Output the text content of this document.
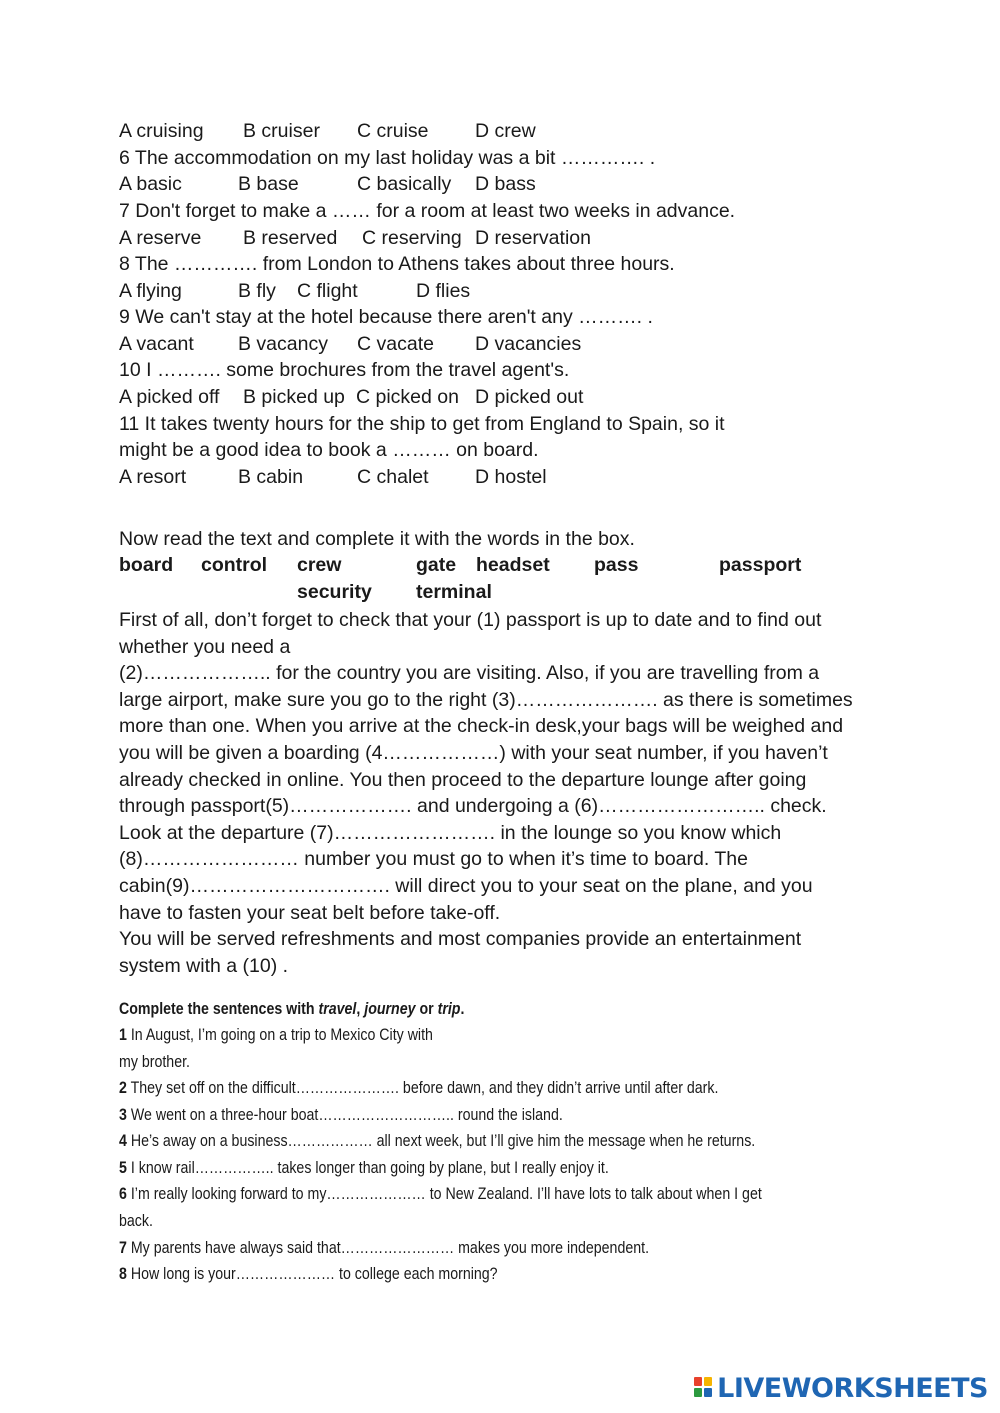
A cruising B cruiser C cruise D crew
6 The accommodation on my last holiday was a bit …………. .
A basic	B base	C basically D bass
7 Don't forget to make a …… for a room at least two weeks in advance.
A reserve B reserved C reserving D reservation
8 The …………. from London to Athens takes about three hours.
A flying	B fly C flight	D flies
9 We can't stay at the hotel because there aren't any ………. .
A vacant B vacancy C vacate D vacancies
10 I ………. some brochures from the travel agent's.
A picked off B picked up C picked on D picked out
11 It takes twenty hours for the ship to get from England to Spain, so it
might be a good idea to book a ……… on board.
A resort	B cabin	C chalet D hostel
Now read the text and complete it with the words in the box.
board control crew	gate headset pass	passport
security terminal
First of all, don’t forget to check that your (1) passport is up to date and to find out
whether you need a
(2)……………….. for the country you are visiting. Also, if you are travelling from a
large airport, make sure you go to the right (3)…………………. as there is sometimes
more than one. When you arrive at the check-in desk,your bags will be weighed and
you will be given a boarding (4………………) with your seat number, if you haven’t
already checked in online. You then proceed to the departure lounge after going
through passport(5)………………. and undergoing a (6)…………………….. check.
Look at the departure (7)……………………. in the lounge so you know which
(8)…………………… number you must go to when it’s time to board. The
cabin(9)…………………………. will direct you to your seat on the plane, and you
have to fasten your seat belt before take-off.
You will be served refreshments and most companies provide an entertainment
system with a (10) .
Complete the sentences with travel, journey or trip.
1 In August, I’m going on a trip to Mexico City with
my brother.
2 They set off on the difficult…………………. before dawn, and they didn’t arrive until after dark.
3 We went on a three-hour boat……………………….. round the island.
4 He’s away on a business……………… all next week, but I’ll give him the message when he returns.
5 I know rail…………….. takes longer than going by plane, but I really enjoy it.
6 I’m really looking forward to my………………… to New Zealand. I’ll have lots to talk about when I get
back.
7 My parents have always said that…………………… makes you more independent.
8 How long is your………………… to college each morning?
LIVEWORKSHEETS
